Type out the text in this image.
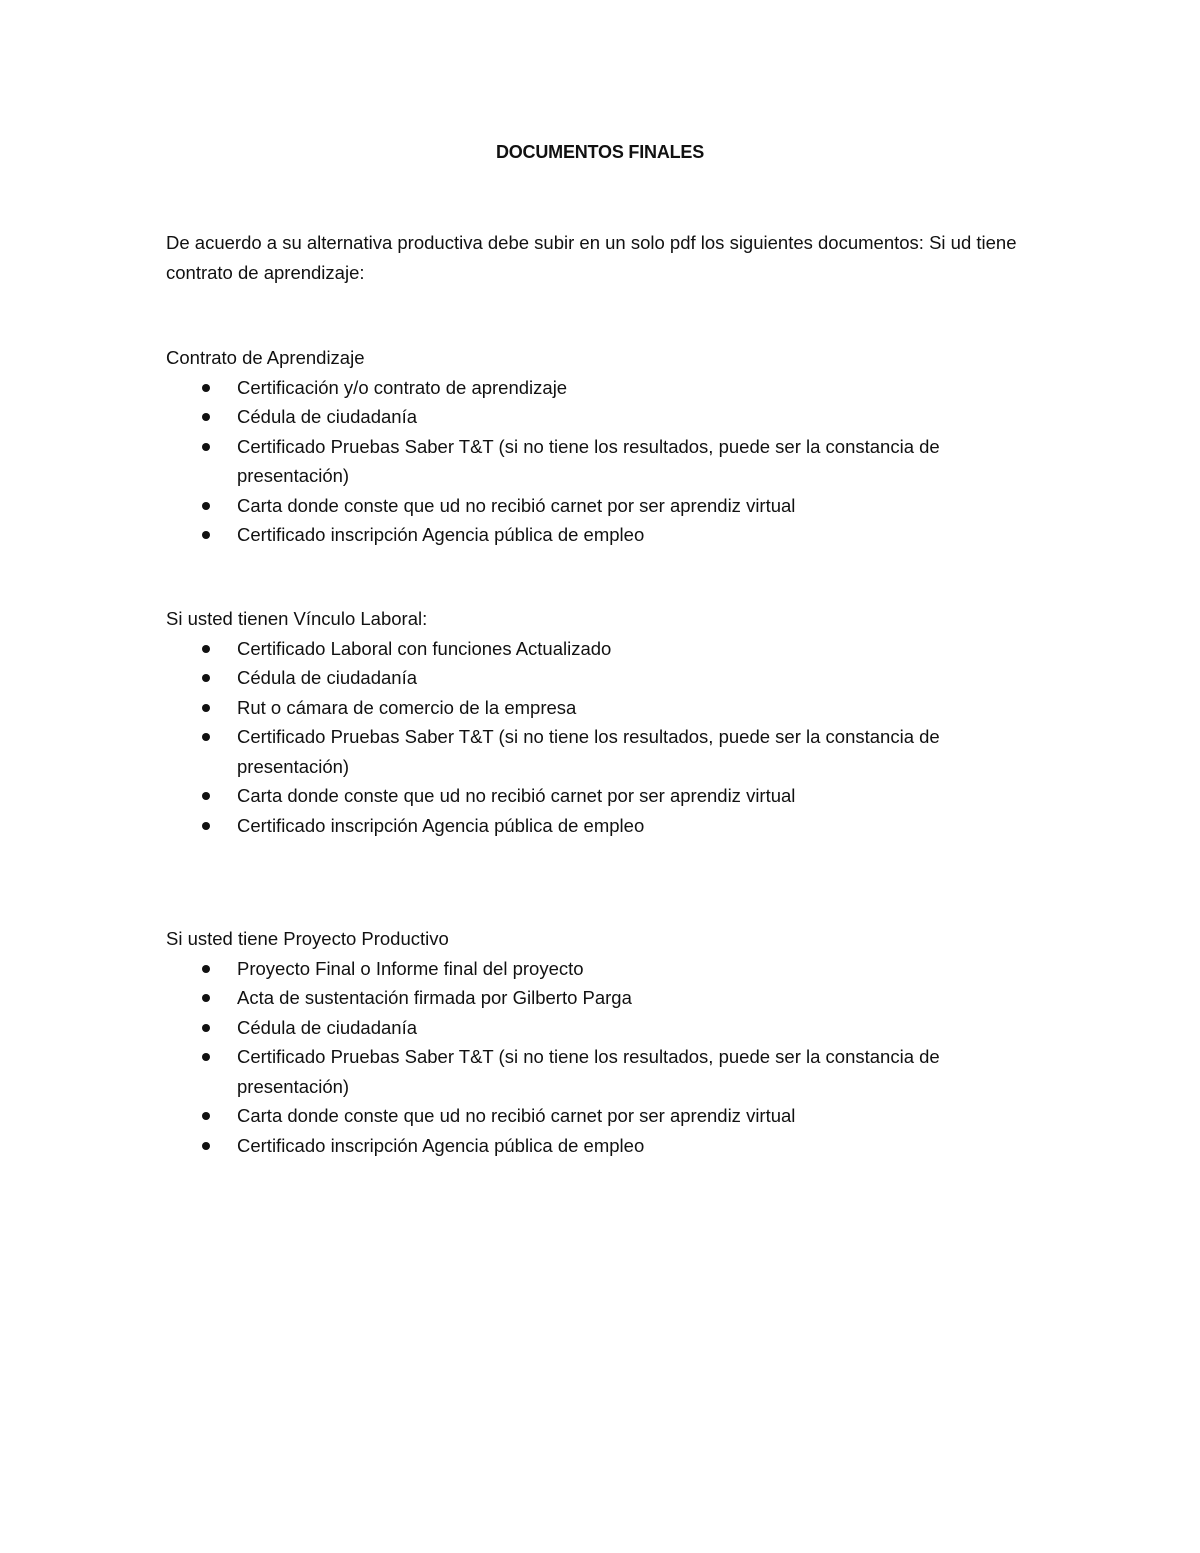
DOCUMENTOS FINALES
De acuerdo a su alternativa productiva debe subir en un solo pdf los siguientes documentos: Si ud tiene contrato de aprendizaje:

Contrato de Aprendizaje

Certificación y/o contrato de aprendizaje
Cédula de ciudadanía
Certificado Pruebas Saber T&T (si no tiene los resultados, puede ser la constancia de presentación)
Carta donde conste que ud no recibió carnet por ser aprendiz virtual
Certificado inscripción Agencia pública de empleo

Si usted tienen Vínculo Laboral:

Certificado Laboral con funciones Actualizado
Cédula de ciudadanía
Rut o cámara de comercio de la empresa
Certificado Pruebas Saber T&T (si no tiene los resultados, puede ser la constancia de presentación)
Carta donde conste que ud no recibió carnet por ser aprendiz virtual
Certificado inscripción Agencia pública de empleo

Si usted tiene Proyecto Productivo

Proyecto Final o Informe final del proyecto
Acta de sustentación firmada por Gilberto Parga
Cédula de ciudadanía
Certificado Pruebas Saber T&T (si no tiene los resultados, puede ser la constancia de presentación)
Carta donde conste que ud no recibió carnet por ser aprendiz virtual
Certificado inscripción Agencia pública de empleo
